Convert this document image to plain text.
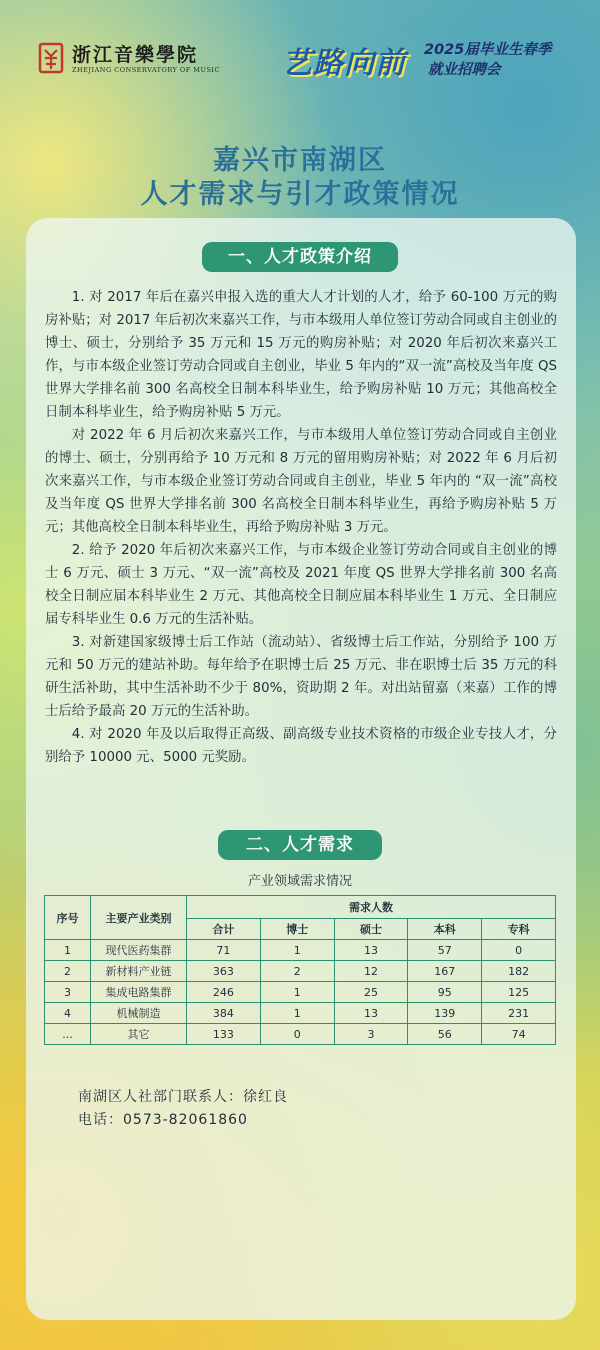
浙江音樂學院
ZHEJIANG CONSERVATORY OF MUSIC 艺路向前 2025届毕业生春季
就业招聘会
嘉兴市南湖区
人才需求与引才政策情况
一、人才政策介绍

1. 对 2017 年后在嘉兴申报入选的重大人才计划的人才，给予 60-100 万元的购房补贴；对 2017 年后初次来嘉兴工作，与市本级用人单位签订劳动合同或自主创业的博士、硕士，分别给予 35 万元和 15 万元的购房补贴；对 2020 年后初次来嘉兴工作，与市本级企业签订劳动合同或自主创业，毕业 5 年内的“双一流”高校及当年度 QS 世界大学排名前 300 名高校全日制本科毕业生，给予购房补贴 10 万元；其他高校全日制本科毕业生，给予购房补贴 5 万元。

对 2022 年 6 月后初次来嘉兴工作，与市本级用人单位签订劳动合同或自主创业的博士、硕士，分别再给予 10 万元和 8 万元的留用购房补贴；对 2022 年 6 月后初次来嘉兴工作，与市本级企业签订劳动合同或自主创业，毕业 5 年内的 “双一流”高校及当年度 QS 世界大学排名前 300 名高校全日制本科毕业生，再给予购房补贴 5 万元；其他高校全日制本科毕业生，再给予购房补贴 3 万元。

2. 给予 2020 年后初次来嘉兴工作，与市本级企业签订劳动合同或自主创业的博士 6 万元、硕士 3 万元、“双一流”高校及 2021 年度 QS 世界大学排名前 300 名高校全日制应届本科毕业生 2 万元、其他高校全日制应届本科毕业生 1 万元、全日制应届专科毕业生 0.6 万元的生活补贴。

3. 对新建国家级博士后工作站（流动站）、省级博士后工作站，分别给予 100 万元和 50 万元的建站补助。每年给予在职博士后 25 万元、非在职博士后 35 万元的科研生活补助，其中生活补助不少于 80%，资助期 2 年。对出站留嘉（来嘉）工作的博士后给予最高 20 万元的生活补助。

4. 对 2020 年及以后取得正高级、副高级专业技术资格的市级企业专技人才，分别给予 10000 元、5000 元奖励。

二、人才需求
产业领域需求情况
序号	主要产业类别	需求人数				
		合计	博士	硕士	本科	专科
1	现代医药集群	71	1	13	57	0
2	新材料产业链	363	2	12	167	182
3	集成电路集群	246	1	25	95	125
4	机械制造	384	1	13	139	231
...	其它	133	0	3	56	74
南湖区人社部门联系人：徐红良
电话：0573-82061860
